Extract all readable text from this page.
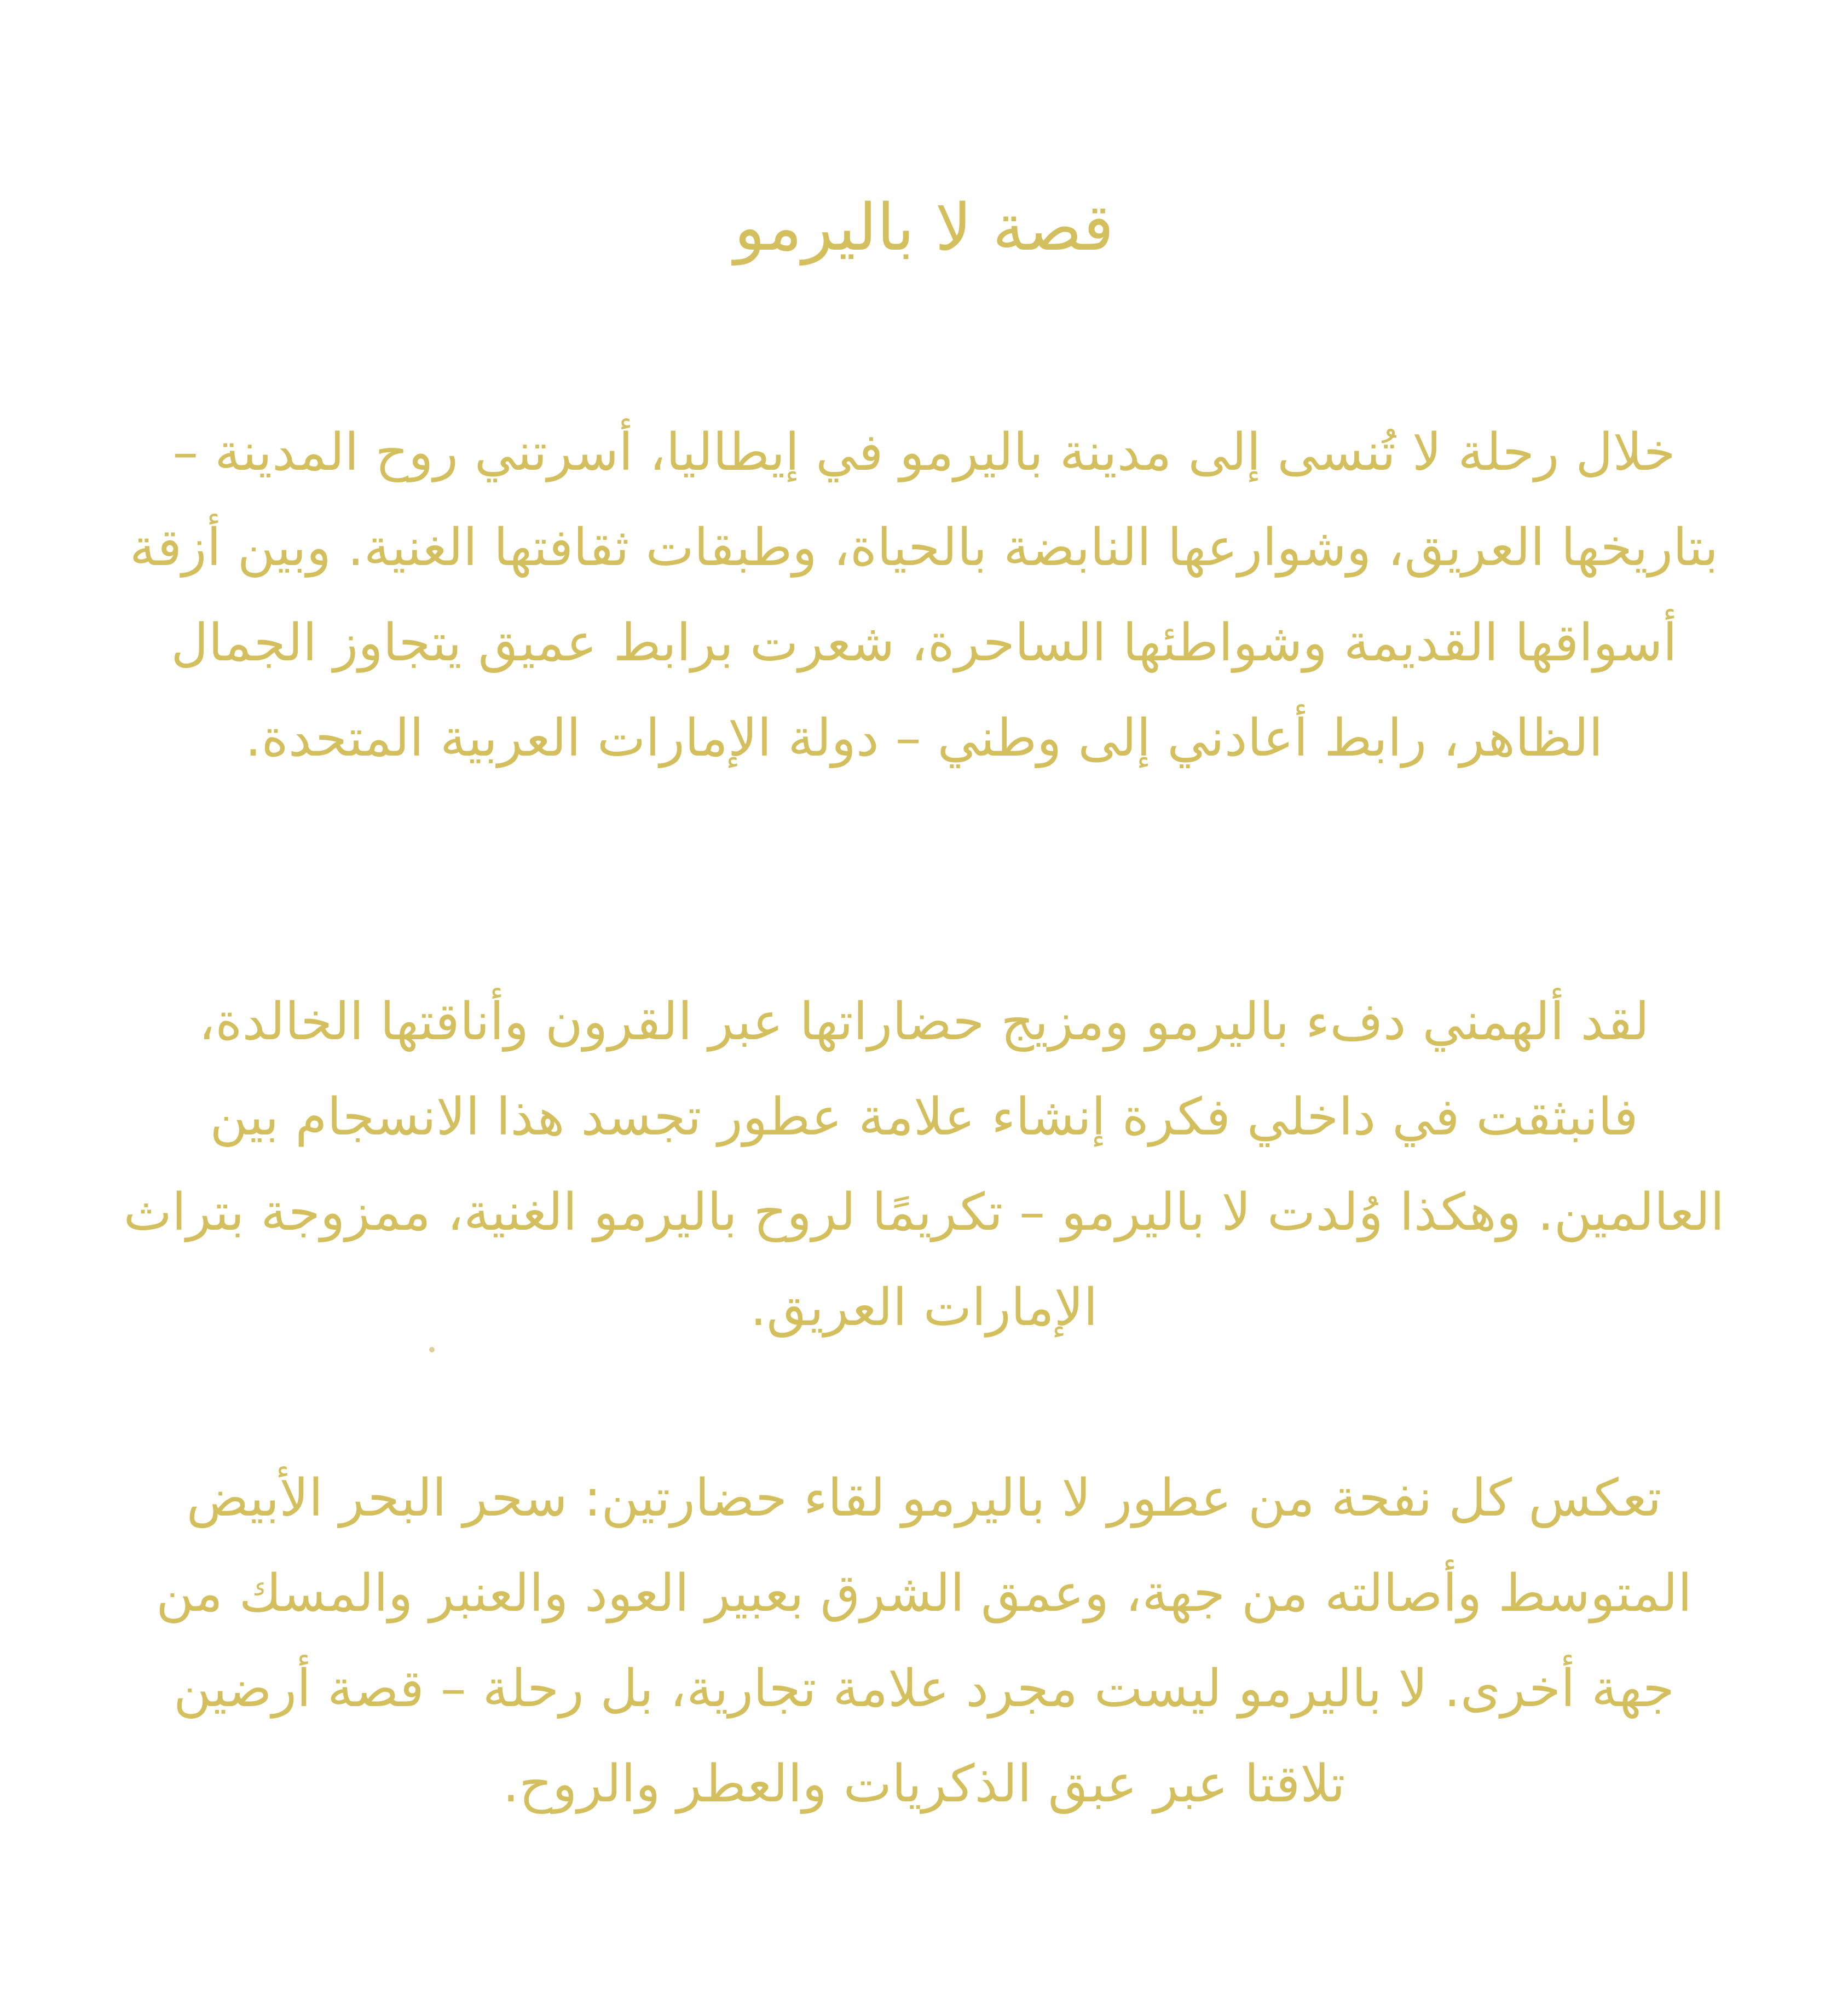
قصة لا باليرمو

خلال رحلة لا تُنسى إلى مدينة باليرمو في إيطاليا، أسرتني روح المدينة – بتاريخها العريق، وشوارعها النابضة بالحياة، وطبقات ثقافتها الغنية. وبين أزقة أسواقها القديمة وشواطئها الساحرة، شعرت برابط عميق يتجاوز الجمال الظاهر، رابط أعادني إلى وطني – دولة الإمارات العربية المتحدة.

لقد ألهمني دفء باليرمو ومزيج حضاراتها عبر القرون وأناقتها الخالدة، فانبثقت في داخلي فكرة إنشاء علامة عطور تجسد هذا الانسجام بين العالمين. وهكذا وُلدت لا باليرمو – تكريمًا لروح باليرمو الغنية، ممزوجة بتراث الإمارات العريق.

تعكس كل نفحة من عطور لا باليرمو لقاء حضارتين: سحر البحر الأبيض المتوسط وأصالته من جهة، وعمق الشرق بعبير العود والعنبر والمسك من جهة أخرى. لا باليرمو ليست مجرد علامة تجارية، بل رحلة – قصة أرضين تلاقتا عبر عبق الذكريات والعطر والروح.
